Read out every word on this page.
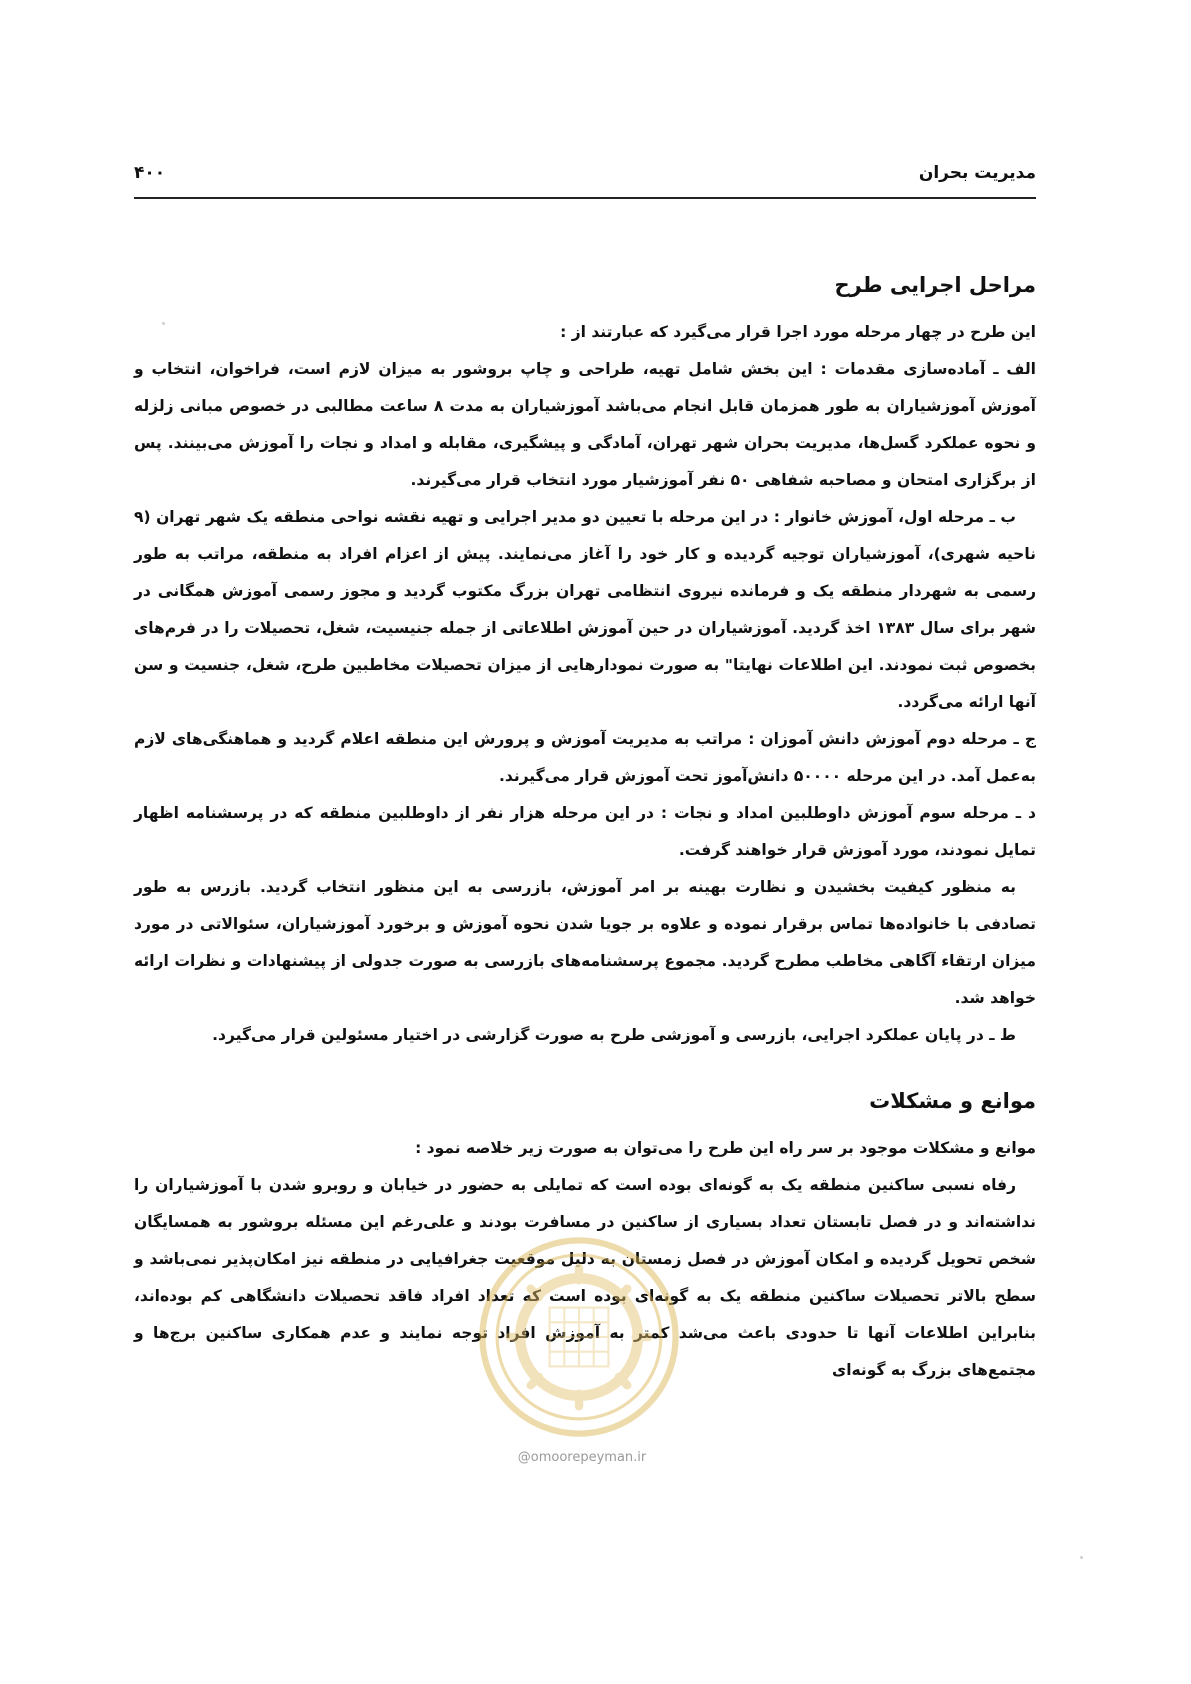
مدیریت بحران
۴۰۰
مراحل اجرایی طرح

این طرح در چهار مرحله مورد اجرا قرار می‌گیرد که عبارتند از :

الف ـ آماده‌سازی مقدمات : این بخش شامل تهیه، طراحی و چاپ بروشور به میزان لازم است، فراخوان، انتخاب و آموزش آموزشیاران به طور همزمان قابل انجام می‌باشد آموزشیاران به مدت ۸ ساعت مطالبی در خصوص مبانی زلزله و نحوه عملکرد گسل‌ها، مدیریت بحران شهر تهران، آمادگی و پیشگیری، مقابله و امداد و نجات را آموزش می‌بینند. پس از برگزاری امتحان و مصاحبه شفاهی ۵۰ نفر آموزشیار مورد انتخاب قرار می‌گیرند.

ب ـ مرحله اول، آموزش خانوار : در این مرحله با تعیین دو مدیر اجرایی و تهیه نقشه نواحی منطقه یک شهر تهران (۹ ناحیه شهری)، آموزشیاران توجیه گردیده و کار خود را آغاز می‌نمایند. پیش از اعزام افراد به منطقه، مراتب به طور رسمی به شهردار منطقه یک و فرمانده نیروی انتظامی تهران بزرگ مکتوب گردید و مجوز رسمی آموزش همگانی در شهر برای سال ۱۳۸۳ اخذ گردید. آموزشیاران در حین آموزش اطلاعاتی از جمله جنیسیت، شغل، تحصیلات را در فرم‌های بخصوص ثبت نمودند. این اطلاعات نهایتا" به صورت نمودارهایی از میزان تحصیلات مخاطبین طرح، شغل، جنسیت و سن آنها ارائه می‌گردد.

ج ـ مرحله دوم آموزش دانش آموزان : مراتب به مدیریت آموزش و پرورش این منطقه اعلام گردید و هماهنگی‌های لازم به‌عمل آمد. در این مرحله ۵۰۰۰۰ دانش‌آموز تحت آموزش قرار می‌گیرند.

د ـ مرحله سوم آموزش داوطلبین امداد و نجات : در این مرحله هزار نفر از داوطلبین منطقه که در پرسشنامه اظهار تمایل نمودند، مورد آموزش قرار خواهند گرفت.

به منظور کیفیت بخشیدن و نظارت بهینه بر امر آموزش، بازرسی به این منظور انتخاب گردید. بازرس به طور تصادفی با خانواده‌ها تماس برقرار نموده و علاوه بر جویا شدن نحوه آموزش و برخورد آموزشیاران، سئوالاتی در مورد میزان ارتقاء آگاهی مخاطب مطرح گردید. مجموع پرسشنامه‌های بازرسی به صورت جدولی از پیشنهادات و نظرات ارائه خواهد شد.

ط ـ در پایان عملکرد اجرایی، بازرسی و آموزشی طرح به صورت گزارشی در اختیار مسئولین قرار می‌گیرد.

موانع و مشکلات

موانع و مشکلات موجود بر سر راه این طرح را می‌توان به صورت زیر خلاصه نمود :

رفاه نسبی ساکنین منطقه یک به گونه‌ای بوده است که تمایلی به حضور در خیابان و روبرو شدن با آموزشیاران را نداشته‌اند و در فصل تابستان تعداد بسیاری از ساکنین در مسافرت بودند و علی‌رغم این مسئله بروشور به همسایگان شخص تحویل گردیده و امکان آموزش در فصل زمستان به دلیل موقعیت جغرافیایی در منطقه نیز امکان‌پذیر نمی‌باشد و سطح بالاتر تحصیلات ساکنین منطقه یک به گونه‌ای بوده است که تعداد افراد فاقد تحصیلات دانشگاهی کم بوده‌اند، بنابراین اطلاعات آنها تا حدودی باعث می‌شد کمتر به آموزش افراد توجه نمایند و عدم همکاری ساکنین برج‌ها و مجتمع‌های بزرگ به گونه‌ای

@omoorepeyman.ir
